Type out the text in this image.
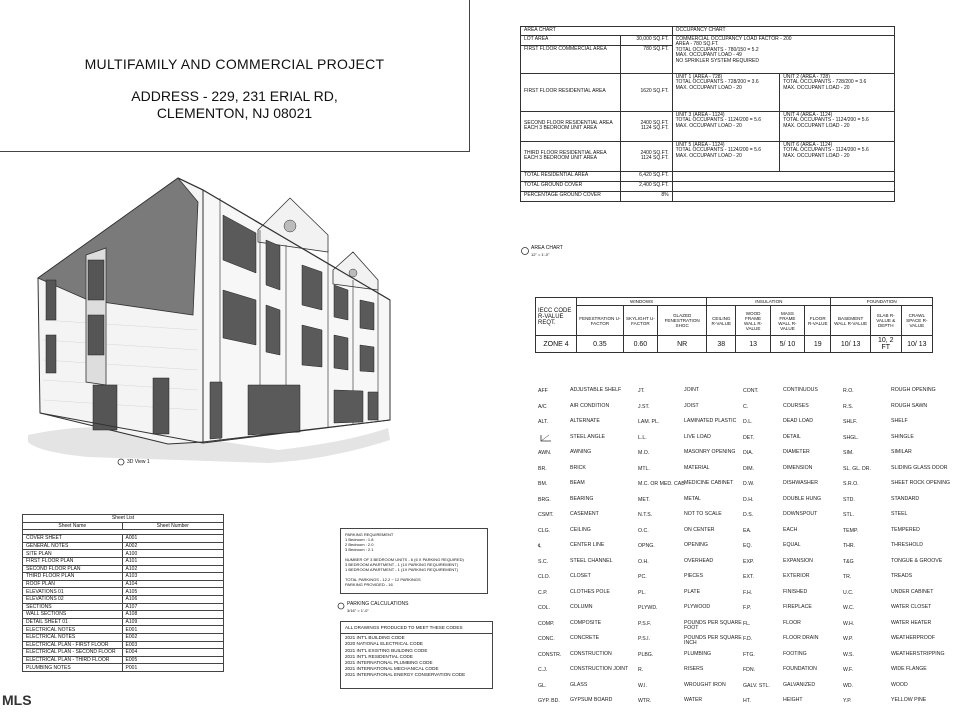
MULTIFAMILY AND COMMERCIAL PROJECT
ADDRESS - 229, 231 ERIAL RD,
CLEMENTON, NJ 08021
AREA CHART		OCCUPANCY CHART	
LOT AREA	30,000 SQ.FT.	COMMERCIAL OCCUPANCY LOAD FACTOR - 200
AREA - 780 SQ.FT.
TOTAL OCCUPANTS - 780/150 = 5.2
MAX. OCCUPANT LOAD - 49
NO SPRIKLER SYSTEM REQUIRED	
FIRST FLOOR COMMERCIAL AREA	780 SQ.FT.		
FIRST FLOOR RESIDENTIAL AREA	1620 SQ.FT.	UNIT 1 (AREA - 728)
TOTAL OCCUPANTS - 728/200 = 3.6
MAX. OCCUPANT LOAD - 20	UNIT 2 (AREA - 728)
TOTAL OCCUPANTS - 728/200 = 3.6
MAX. OCCUPANT LOAD - 20
SECOND FLOOR RESIDENTIAL AREA
EACH 3 BEDROOM UNIT AREA	2400 SQ.FT.
1124 SQ.FT.	UNIT 3 (AREA - 1124)
TOTAL OCCUPANTS - 1124/200 = 5.6
MAX. OCCUPANT LOAD - 20	UNIT 4 (AREA - 1124)
TOTAL OCCUPANTS - 1124/200 = 5.6
MAX. OCCUPANT LOAD - 20
THIRD FLOOR RESIDENTIAL AREA
EACH 3 BEDROOM UNIT AREA	2400 SQ.FT.
1124 SQ.FT.	UNIT 5 (AREA - 1124)
TOTAL OCCUPANTS - 1124/200 = 5.6
MAX. OCCUPANT LOAD - 20	UNIT 6 (AREA - 1124)
TOTAL OCCUPANTS - 1124/200 = 5.6
MAX. OCCUPANT LOAD - 20
TOTAL RESIDENTIAL AREA	6,420 SQ.FT.		
TOTAL GROUND COVER	2,400 SQ.FT.		
PERCENTAGE GROUND COVER	8%		
AREA CHART
12" = 1'-0"
IECC CODE R-VALUE REQT.	WINDOWS			INSULATION				FOUNDATION		
	FENESTRATION U-FACTOR	SKYLIGHT U-FACTOR	GLAZED FENESTRATION SHGC	CEILING R-VALUE	WOOD FRAME WALL R-VALUE	MASS FRAME WALL R-VALUE	FLOOR R-VALUE	BASEMENT WALL R-VALUE	SLAB R-VALUE & DEPTH	CRAWL SPACE R-VALUE
ZONE 4	0.35	0.60	NR	38	13	5/ 10	19	10/ 13	10, 2 FT	10/ 13
3D View 1
Sheet List	
Sheet Name	Sheet Number

COVER SHEET	A001
GENERAL NOTES	A002
SITE PLAN	A100
FIRST FLOOR PLAN	A101
SECOND FLOOR PLAN	A102
THIRD FLOOR PLAN	A103
ROOF PLAN	A104
ELEVATIONS 01	A105
ELEVATIONS 02	A106
SECTIONS	A107
WALL SECTIONS	A108
DETAIL SHEET 01	A109
ELECTRICAL NOTES	E001
ELECTRICAL NOTES	E002
ELECTRICAL PLAN - FIRST FLOOR	E003
ELECTRICAL PLAN - SECOND FLOOR	E004
ELECTRICAL PLAN - THIRD FLOOR	E005
PLUMBING NOTES	P001
PARKING REQUIREMENT
1 Bedroom : 1.8
2 Bedroom : 2.0
3 Bedroom : 2.1
NUMBER OF 3 BEDROOM UNITS - 6 (6 X PARKING REQUIRED)
3 BEDROOM APARTMENT - 1 (1X PARKING REQUIREMENT)
1 BEDROOM APARTMENT - 1 (1X PARKING REQUIREMENT)
TOTAL PARKINGS - 12.2 ~ 12 PARKINGS
PARKING PROVIDED - 16
PARKING CALCULATIONS
3/16" = 1'-0"
ALL DRAWINGS PRODUCED TO MEET THESE CODES
2021 INT'L BUILDING CODE
2020 NATIONAL ELECTRICAL CODE
2021 INT'L EXISTING BUILDING CODE
2021 INT'L RESIDENTIAL CODE
2021 INTERNATIONAL PLUMBING CODE
2021 INTERNATIONAL MECHANICAL CODE
2021 INTERNATIONAL ENERGY CONSERVATION CODE
AFF	ADJUSTABLE SHELF
A/C	AIR CONDITION
ALT.	ALTERNATE
STEEL ANGLE
AWN.	AWNING
BR.	BRICK
BM.	BEAM
BRG.	BEARING
CSMT.	CASEMENT
CLG.	CEILING
℄	CENTER LINE
S.C.	STEEL CHANNEL
CLO.	CLOSET
C.P.	CLOTHES POLE
COL.	COLUMN
COMP.	COMPOSITE
CONC.	CONCRETE
CONSTR. CONSTRUCTION
C.J.	CONSTRUCTION JOINT
GL.	GLASS
GYP. BD. GYPSUM BOARD
JT.	JOINT
J.ST.	JOIST
LAM. PL.	LAMINATED PLASTIC
L.L.	LIVE LOAD
M.O.	MASONRY OPENING
MTL.	MATERIAL
M.C. OR MED. CAB MEDICINE CABINET
MET.	METAL
N.T.S.	NOT TO SCALE
O.C.	ON CENTER
OPNG.	OPENING
O.H.	OVERHEAD
PC.	PIECES
PL.	PLATE
PLYWD.	PLYWOOD
P.S.F.	POUNDS PER SQUARE FOOT
P.S.I.	POUNDS PER SQUARE INCH
PLBG.	PLUMBING
R.	RISERS
W.I.	WROUGHT IRON
WTR.	WATER
CONT.	CONTINUOUS
C.	COURSES
D.L.	DEAD LOAD
DET.	DETAIL
DIA.	DIAMETER
DIM.	DIMENSION
D.W.	DISHWASHER
D.H.	DOUBLE HUNG
D.S.	DOWNSPOUT
EA.	EACH
EQ.	EQUAL
EXP.	EXPANSION
EXT.	EXTERIOR
F.H.	FINISHED
F.P.	FIREPLACE
FL.	FLOOR
F.D.	FLOOR DRAIN
FTG.	FOOTING
FDN.	FOUNDATION
GALV. STL.	GALVANIZED
HT.	HEIGHT
R.O.	ROUGH OPENING
R.S.	ROUGH SAWN
SHLF.	SHELF
SHGL.	SHINGLE
SIM.	SIMILAR
SL. GL. DR.	SLIDING GLASS DOOR
S.R.O.	SHEET ROCK OPENING
STD.	STANDARD
STL.	STEEL
TEMP.	TEMPERED
THR.	THRESHOLD
T&G	TONGUE & GROOVE
TR.	TREADS
U.C.	UNDER CABINET
W.C.	WATER CLOSET
W.H.	WATER HEATER
W.P.	WEATHERPROOF
W.S.	WEATHERSTRIPPING
W.F.	WIDE FLANGE
WD.	WOOD
Y.P.	YELLOW PINE
MLS
